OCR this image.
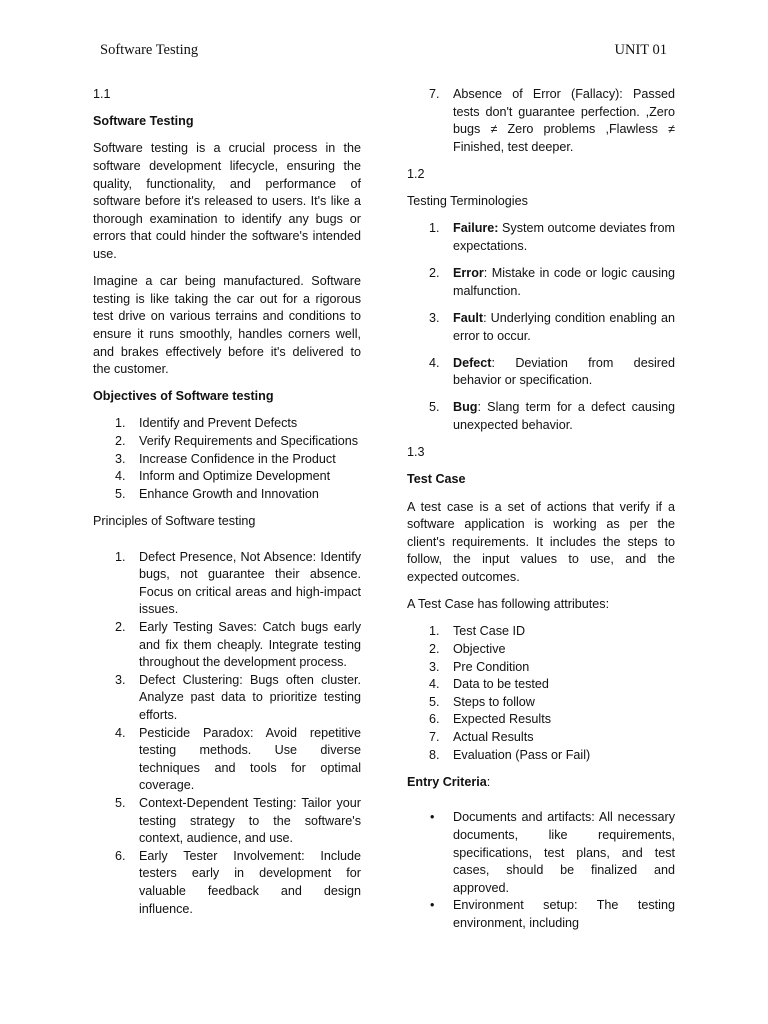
Software Testing	UNIT 01

1.1

Software Testing

Software testing is a crucial process in the software development lifecycle, ensuring the quality, functionality, and performance of software before it's released to users. It's like a thorough examination to identify any bugs or errors that could hinder the software's intended use.

Imagine a car being manufactured. Software testing is like taking the car out for a rigorous test drive on various terrains and conditions to ensure it runs smoothly, handles corners well, and brakes effectively before it's delivered to the customer.

Objectives of Software testing

1. Identify and Prevent Defects
2. Verify Requirements and Specifications
3. Increase Confidence in the Product
4. Inform and Optimize Development
5. Enhance Growth and Innovation

Principles of Software testing

1. Defect Presence, Not Absence: Identify bugs, not guarantee their absence. Focus on critical areas and high-impact issues.
2. Early Testing Saves: Catch bugs early and fix them cheaply. Integrate testing throughout the development process.
3. Defect Clustering: Bugs often cluster. Analyze past data to prioritize testing efforts.
4. Pesticide Paradox: Avoid repetitive testing methods. Use diverse techniques and tools for optimal coverage.
5. Context-Dependent Testing: Tailor your testing strategy to the software's context, audience, and use.
6. Early Tester Involvement: Include testers early in development for valuable feedback and design influence.
7. Absence of Error (Fallacy): Passed tests don't guarantee perfection. ,Zero bugs ≠ Zero problems ,Flawless ≠ Finished, test deeper.

1.2

Testing Terminologies

1. Failure: System outcome deviates from expectations.
2. Error: Mistake in code or logic causing malfunction.
3. Fault: Underlying condition enabling an error to occur.
4. Defect: Deviation from desired behavior or specification.
5. Bug: Slang term for a defect causing unexpected behavior.

1.3

Test Case

A test case is a set of actions that verify if a software application is working as per the client's requirements. It includes the steps to follow, the input values to use, and the expected outcomes.

A Test Case has following attributes:

1. Test Case ID
2. Objective
3. Pre Condition
4. Data to be tested
5. Steps to follow
6. Expected Results
7. Actual Results
8. Evaluation (Pass or Fail)

Entry Criteria:

• Documents and artifacts: All necessary documents, like requirements, specifications, test plans, and test cases, should be finalized and approved.
• Environment setup: The testing environment, including
